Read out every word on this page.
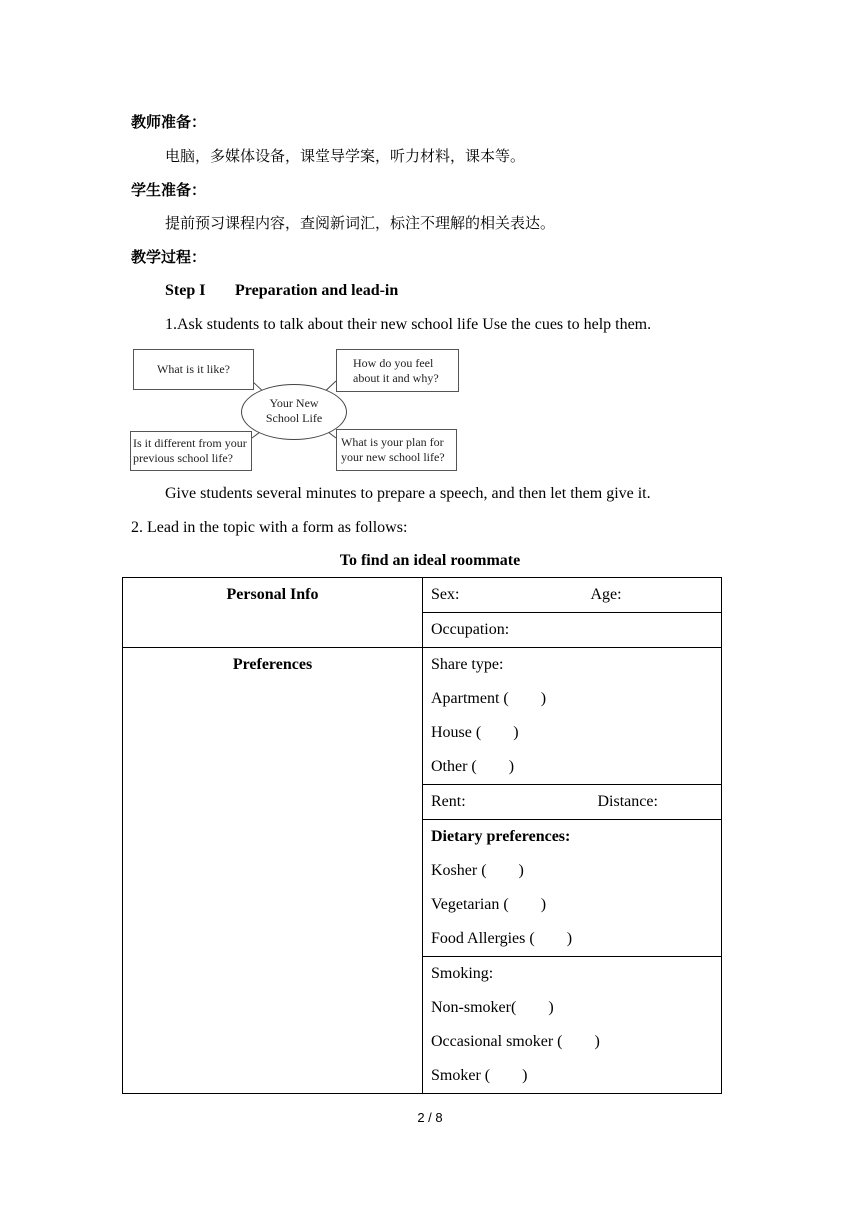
教师准备：
电脑，多媒体设备，课堂导学案，听力材料，课本等。
学生准备：
提前预习课程内容，查阅新词汇，标注不理解的相关表达。
教学过程：
Step I Preparation and lead-in
1.Ask students to talk about their new school life Use the cues to help them.
What is it like?	How do you feel
about it and why?
Your New
School Life
Is it different from your
previous school life?
What is your plan for
your new school life?
Give students several minutes to prepare a speech, and then let them give it.
2. Lead in the topic with a form as follows:
To find an ideal roommate
Personal Info	Sex: Age:

	Occupation:
Preferences	Share type:
Apartment (　　)
House (　　)
Other (　　)

	Rent: Distance:

	Dietary preferences:
Kosher (　　)
Vegetarian (　　)
Food Allergies (　　)

	Smoking:
Non-smoker(　　)
Occasional smoker (　　)
Smoker (　　)
2 / 8
